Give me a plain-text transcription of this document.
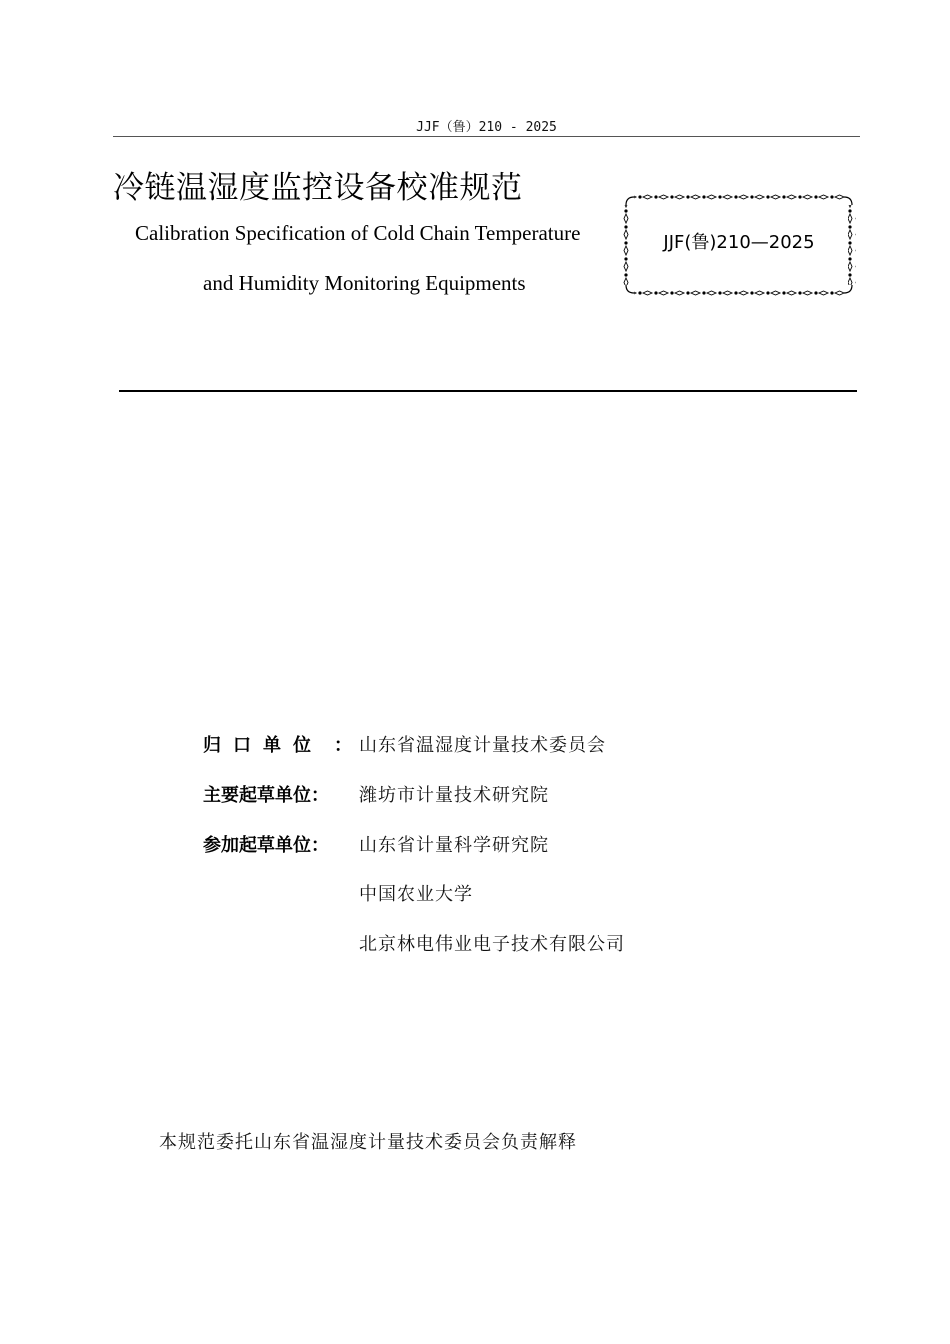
JJF（鲁）210 - 2025
冷链温湿度监控设备校准规范
Calibration Specification of Cold Chain Temperature
and Humidity Monitoring Equipments
JJF(鲁)210—2025
归口单位 ： 山东省温湿度计量技术委员会
主要起草单位 ： 潍坊市计量技术研究院
参加起草单位 ： 山东省计量科学研究院
中国农业大学
北京林电伟业电子技术有限公司
本规范委托山东省温湿度计量技术委员会负责解释
